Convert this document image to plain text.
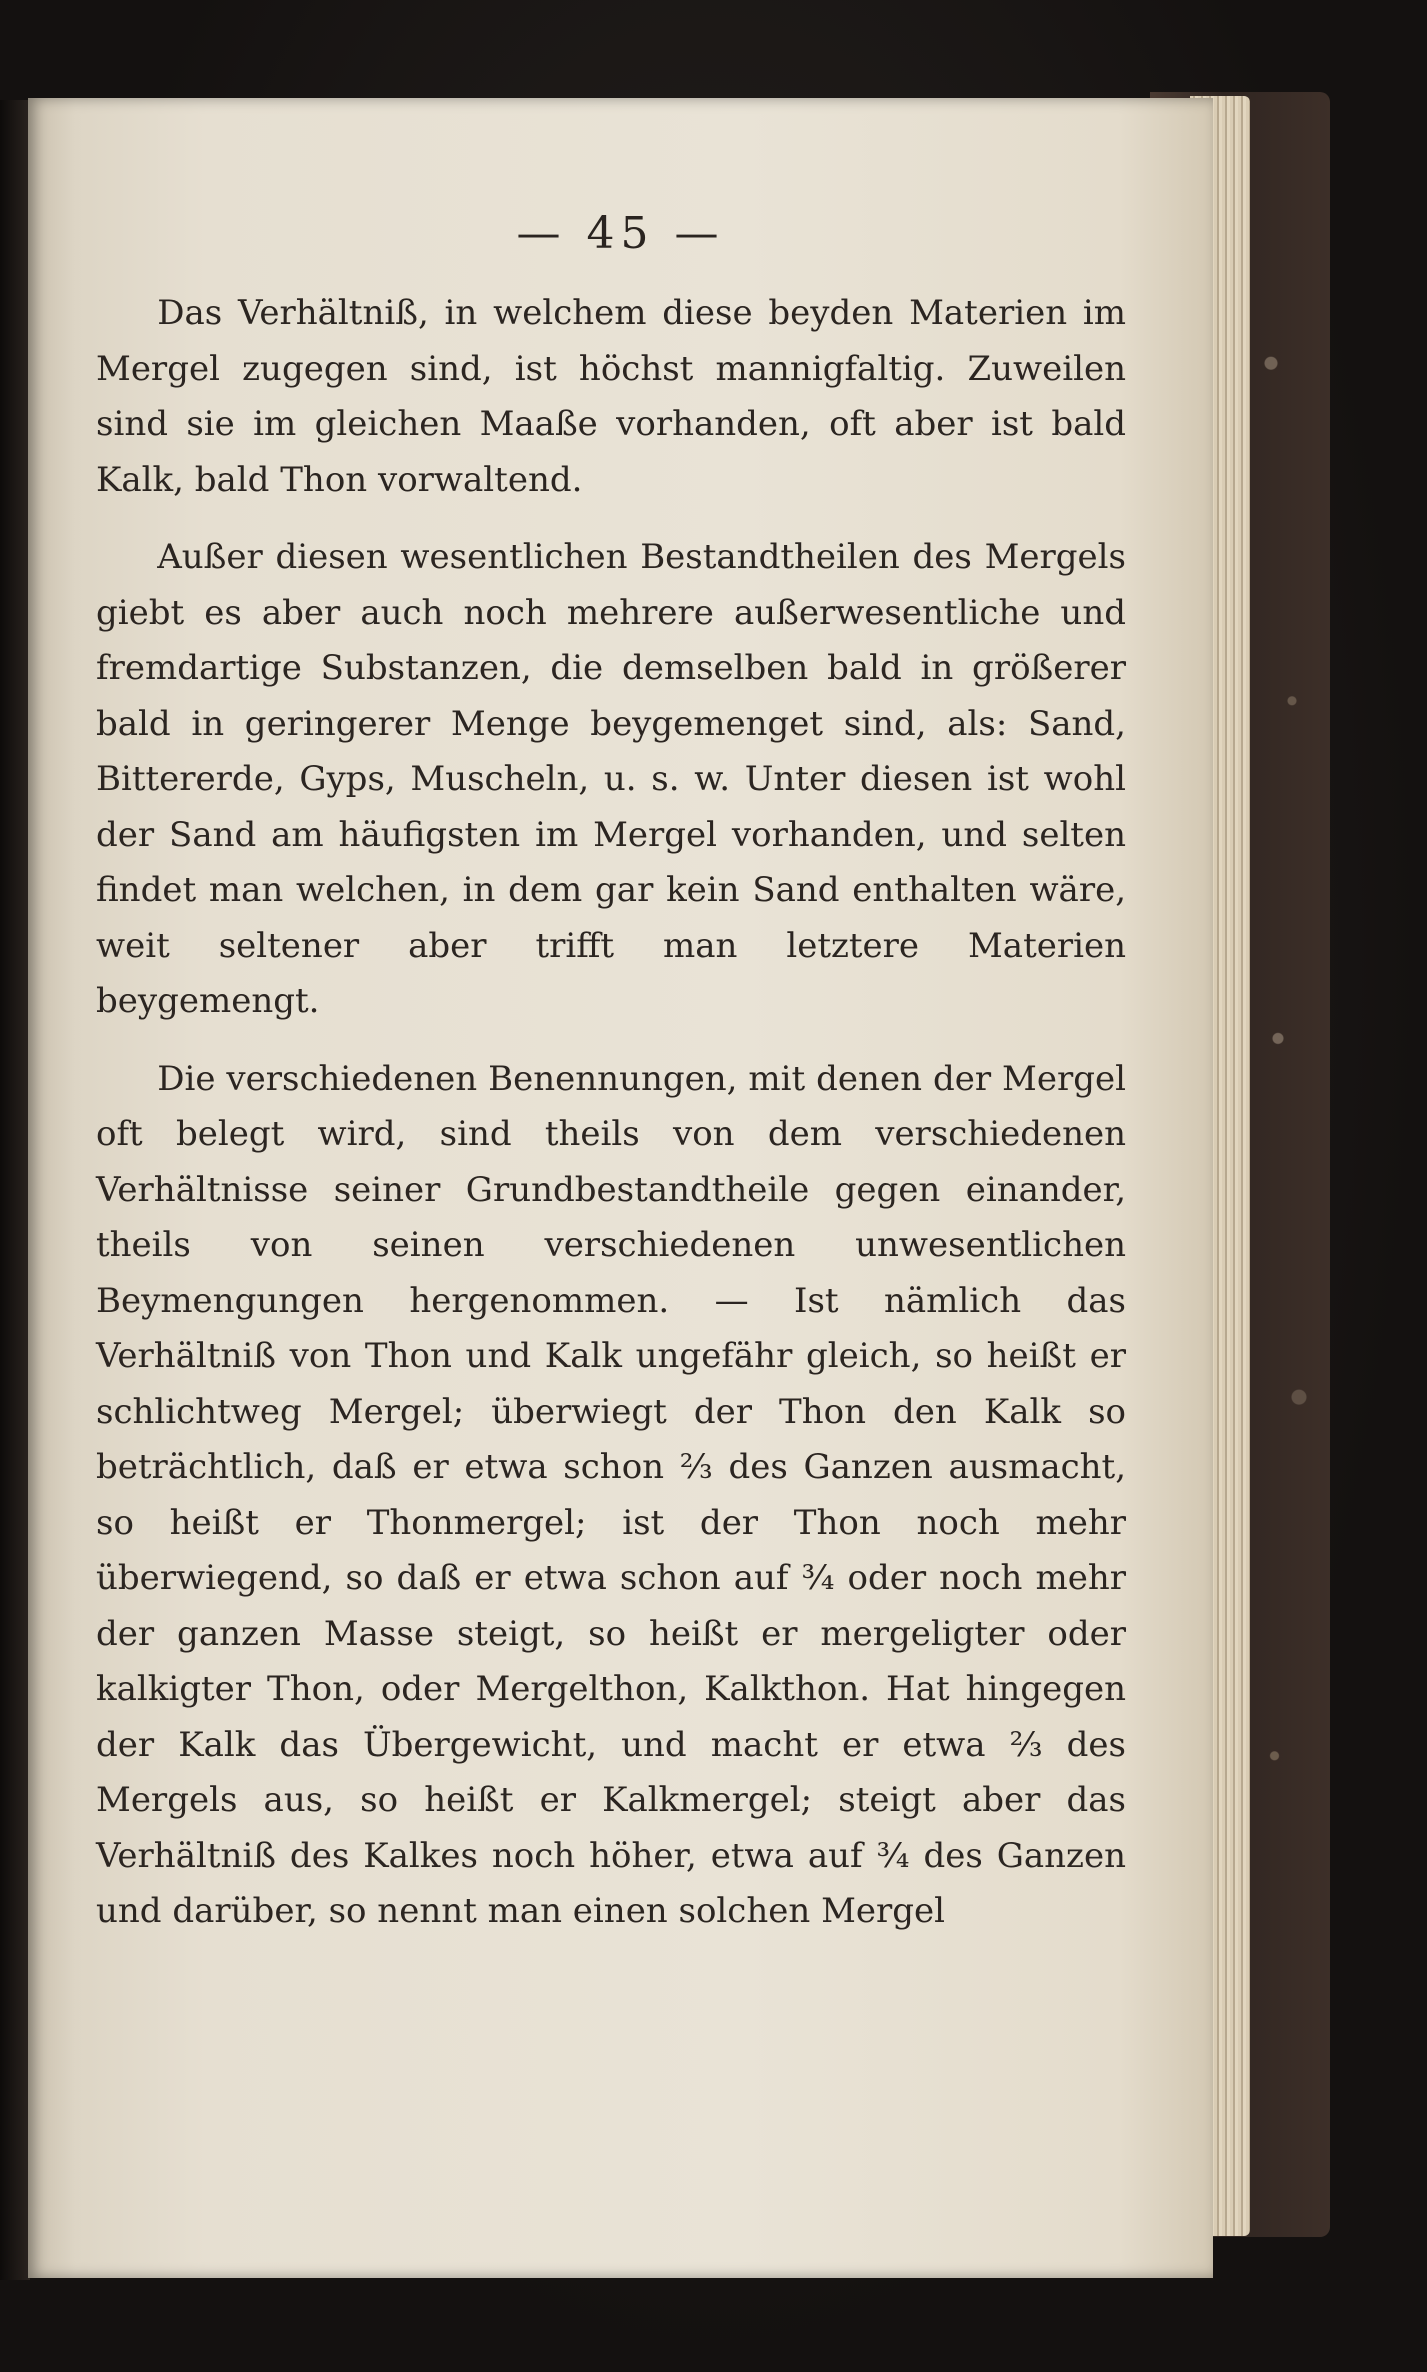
— 45 —

Das Verhältniß, in welchem diese beyden Materien im Mergel zugegen sind, ist höchst mannigfaltig. Zuweilen sind sie im gleichen Maaße vorhanden, oft aber ist bald Kalk, bald Thon vorwaltend.

Außer diesen wesentlichen Bestandtheilen des Mergels giebt es aber auch noch mehrere außerwesentliche und fremdartige Substanzen, die demselben bald in größerer bald in geringerer Menge beygemenget sind, als: Sand, Bittererde, Gyps, Muscheln, u. s. w. Unter diesen ist wohl der Sand am häufigsten im Mergel vorhanden, und selten findet man welchen, in dem gar kein Sand enthalten wäre, weit seltener aber trifft man letztere Materien beygemengt.

Die verschiedenen Benennungen, mit denen der Mergel oft belegt wird, sind theils von dem verschiedenen Verhältnisse seiner Grundbestandtheile gegen einander, theils von seinen verschiedenen unwesentlichen Beymengungen hergenommen. — Ist nämlich das Verhältniß von Thon und Kalk ungefähr gleich, so heißt er schlichtweg Mergel; überwiegt der Thon den Kalk so beträchtlich, daß er etwa schon ⅔ des Ganzen ausmacht, so heißt er Thonmergel; ist der Thon noch mehr überwiegend, so daß er etwa schon auf ¾ oder noch mehr der ganzen Masse steigt, so heißt er mergeligter oder kalkigter Thon, oder Mergelthon, Kalkthon. Hat hingegen der Kalk das Übergewicht, und macht er etwa ⅔ des Mergels aus, so heißt er Kalkmergel; steigt aber das Verhältniß des Kalkes noch höher, etwa auf ¾ des Ganzen und darüber, so nennt man einen solchen Mergel
